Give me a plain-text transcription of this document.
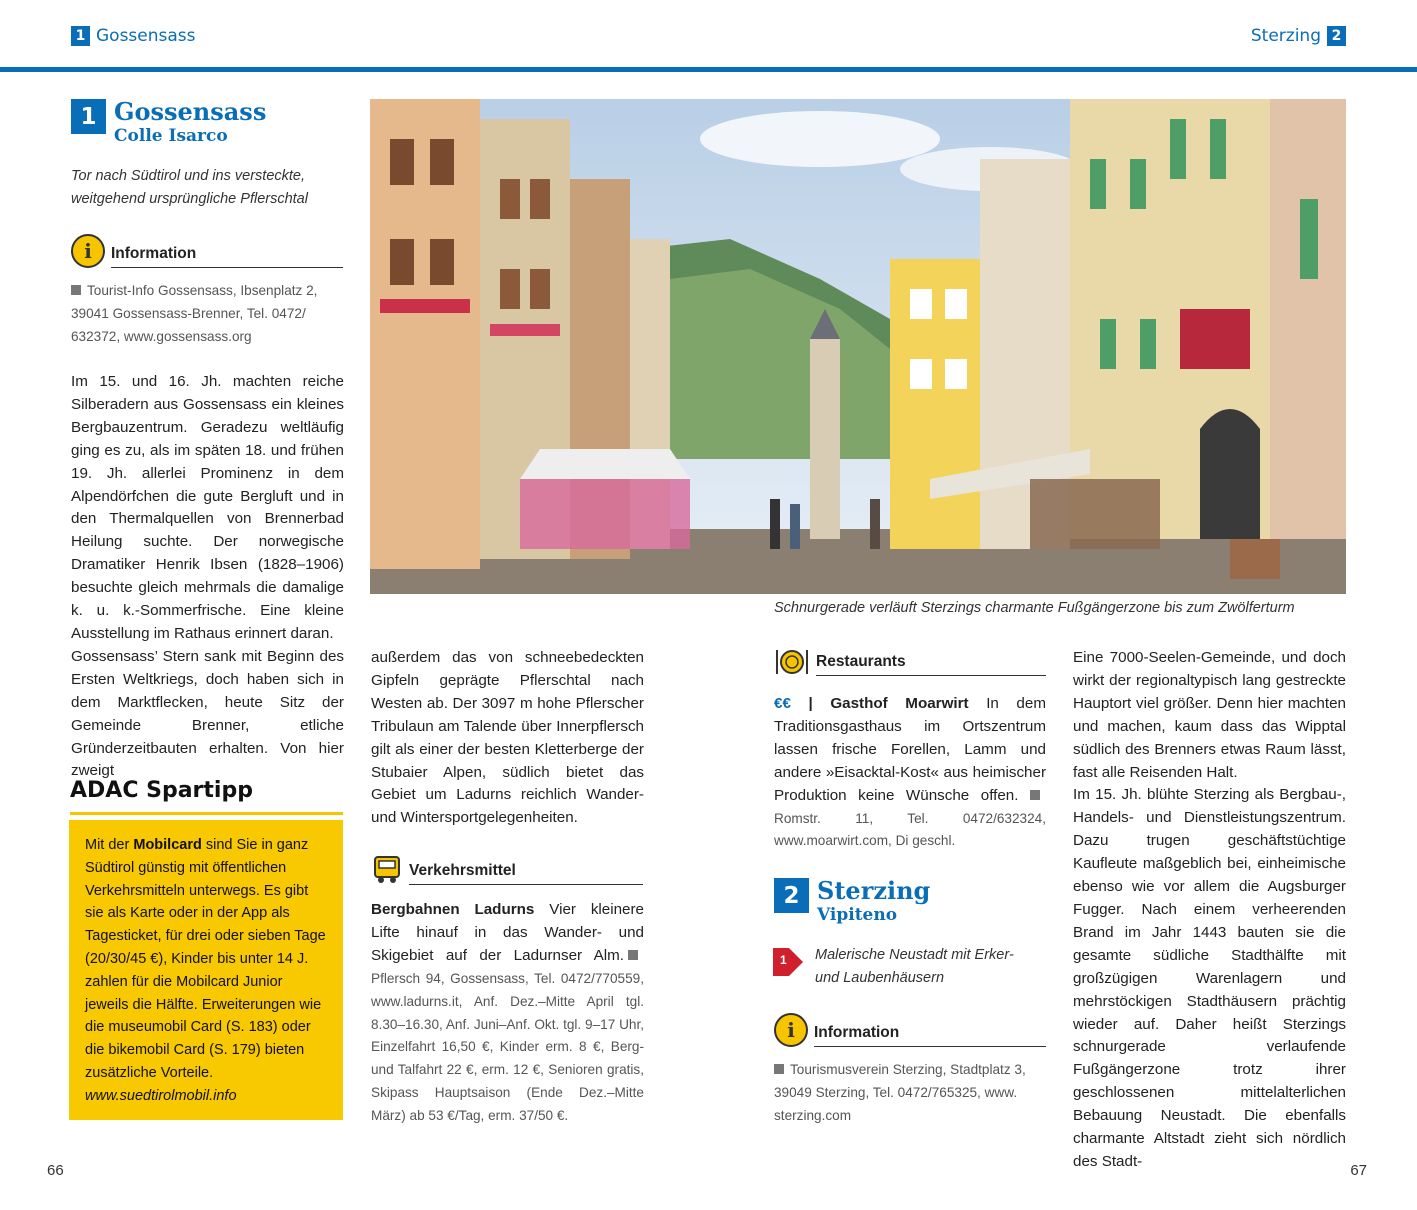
1 Gossensass	Sterzing 2
1 Gossensass
Colle Isarco
Tor nach Südtirol und ins versteckte,
weitgehend ursprüngliche Pflerschtal
i	Information
Tourist-Info Gossensass, Ibsenplatz 2,
39041 Gossensass-Brenner, Tel. 0472/
632372, www.gossensass.org

Im 15. und 16. Jh. machten reiche Silberadern aus Gossensass ein kleines Bergbauzentrum. Geradezu weltläufig ging es zu, als im späten 18. und frühen 19. Jh. allerlei Prominenz in dem Alpendörfchen die gute Bergluft und in den Thermalquellen von Brennerbad Heilung suchte. Der norwegische Dramatiker Henrik Ibsen (1828–1906) besuchte gleich mehrmals die damalige k. u. k.-Sommerfrische. Eine kleine Ausstellung im Rathaus erinnert daran.

Gossensass’ Stern sank mit Beginn des Ersten Weltkriegs, doch haben sich in dem Marktflecken, heute Sitz der Gemeinde Brenner, etliche Gründerzeitbauten erhalten. Von hier zweigt

ADAC Spartipp
Mit der Mobilcard sind Sie in ganz Südtirol günstig mit öffentlichen Verkehrsmitteln unterwegs. Es gibt sie als Karte oder in der App als Tagesticket, für drei oder sieben Tage (20/30/45 €), Kinder bis unter 14 J. zahlen für die Mobilcard Junior jeweils die Hälfte. Erweiterungen wie die museumobil Card (S. 183) oder die bikemobil Card (S. 179) bieten zusätzliche Vorteile.
www.suedtirolmobil.info
Schnurgerade verläuft Sterzings charmante Fußgängerzone bis zum Zwölferturm

außerdem das von schneebedeckten Gipfeln geprägte Pflerschtal nach Westen ab. Der 3097 m hohe Pflerscher Tribulaun am Talende über Innerpflersch gilt als einer der besten Kletterberge der Stubaier Alpen, südlich bietet das Gebiet um Ladurns reichlich Wander- und Wintersportgelegenheiten.

Verkehrsmittel

Bergbahnen Ladurns Vier kleinere Lifte hinauf in das Wander- und Skigebiet auf der Ladurnser Alm.Pflersch 94, Gossensass, Tel. 0472/770559, www.ladurns.it, Anf. Dez.–Mitte April tgl. 8.30–16.30, Anf. Juni–Anf. Okt. tgl. 9–17 Uhr, Einzelfahrt 16,50 €, Kinder erm. 8 €, Berg- und Talfahrt 22 €, erm. 12 €, Senioren gratis, Skipass Hauptsaison (Ende Dez.–Mitte März) ab 53 €/Tag, erm. 37/50 €.

Restaurants

€€ | Gasthof Moarwirt In dem Traditionsgasthaus im Ortszentrum lassen frische Forellen, Lamm und andere »Eisacktal-Kost« aus heimischer Produktion keine Wünsche offen. Romstr. 11, Tel. 0472/632324, www.moarwirt.com, Di geschl.

2 Sterzing
Vipiteno
1 Malerische Neustadt mit Erker-
und Laubenhäusern
i	Information
Tourismusverein Sterzing, Stadtplatz 3,
39049 Sterzing, Tel. 0472/765325, www.
sterzing.com

Eine 7000-Seelen-Gemeinde, und doch wirkt der regionaltypisch lang gestreckte Hauptort viel größer. Denn hier machten und machen, kaum dass das Wipptal südlich des Brenners etwas Raum lässt, fast alle Reisenden Halt.

Im 15. Jh. blühte Sterzing als Bergbau-, Handels- und Dienstleistungszentrum. Dazu trugen geschäftstüchtige Kaufleute maßgeblich bei, einheimische ebenso wie vor allem die Augsburger Fugger. Nach einem verheerenden Brand im Jahr 1443 bauten sie die gesamte südliche Stadthälfte mit großzügigen Warenlagern und mehrstöckigen Stadthäusern prächtig wieder auf. Daher heißt Sterzings schnurgerade verlaufende Fußgängerzone trotz ihrer geschlossenen mittelalterlichen Bebauung Neustadt. Die ebenfalls charmante Altstadt zieht sich nördlich des Stadt-

66	67
